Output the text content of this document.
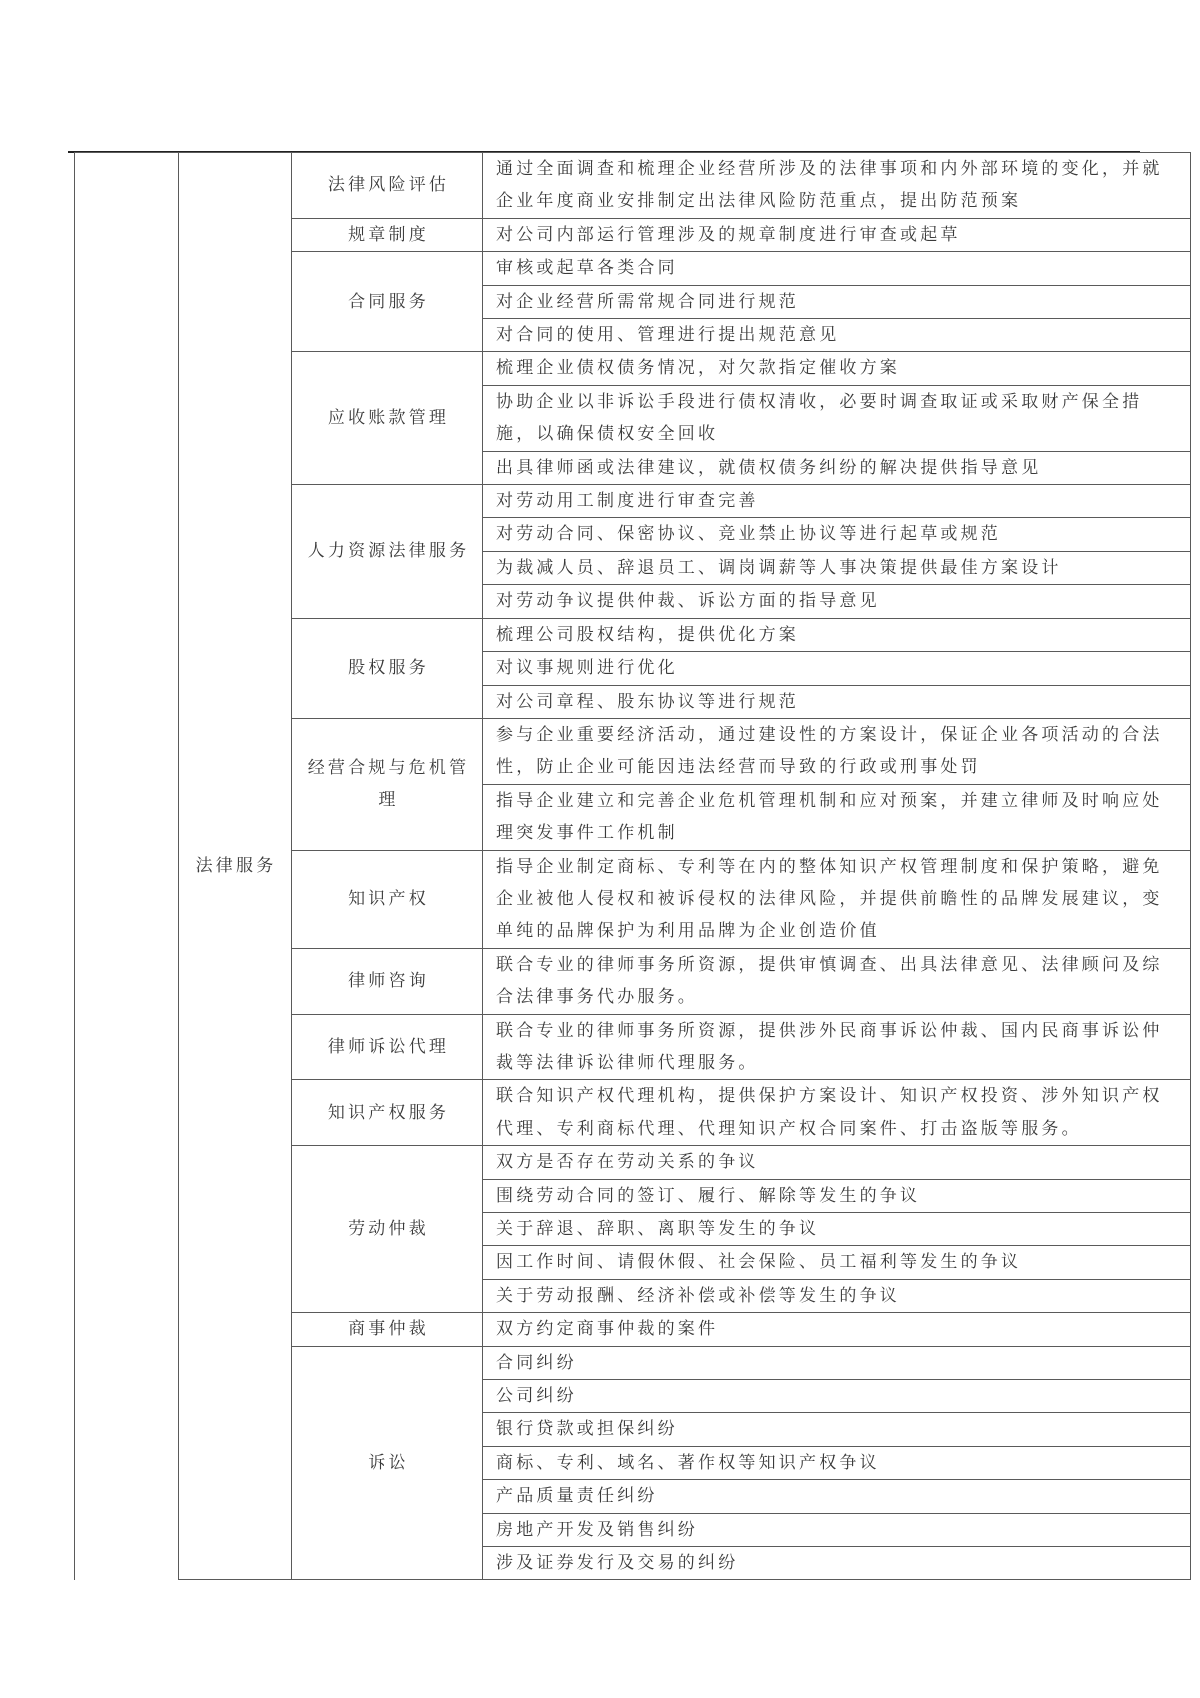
	法律服务	法律风险评估	通过全面调查和梳理企业经营所涉及的法律事项和内外部环境的变化，并就企业年度商业安排制定出法律风险防范重点，提出防范预案
		规章制度	对公司内部运行管理涉及的规章制度进行审查或起草
		合同服务	审核或起草各类合同
			对企业经营所需常规合同进行规范
			对合同的使用、管理进行提出规范意见
		应收账款管理	梳理企业债权债务情况，对欠款指定催收方案
			协助企业以非诉讼手段进行债权清收，必要时调查取证或采取财产保全措施，以确保债权安全回收
			出具律师函或法律建议，就债权债务纠纷的解决提供指导意见
		人力资源法律服务	对劳动用工制度进行审查完善
			对劳动合同、保密协议、竞业禁止协议等进行起草或规范
			为裁减人员、辞退员工、调岗调薪等人事决策提供最佳方案设计
			对劳动争议提供仲裁、诉讼方面的指导意见
		股权服务	梳理公司股权结构，提供优化方案
			对议事规则进行优化
			对公司章程、股东协议等进行规范
		经营合规与危机管理	参与企业重要经济活动，通过建设性的方案设计，保证企业各项活动的合法性，防止企业可能因违法经营而导致的行政或刑事处罚
			指导企业建立和完善企业危机管理机制和应对预案，并建立律师及时响应处理突发事件工作机制
		知识产权	指导企业制定商标、专利等在内的整体知识产权管理制度和保护策略，避免企业被他人侵权和被诉侵权的法律风险，并提供前瞻性的品牌发展建议，变单纯的品牌保护为利用品牌为企业创造价值
		律师咨询	联合专业的律师事务所资源，提供审慎调查、出具法律意见、法律顾问及综合法律事务代办服务。
		律师诉讼代理	联合专业的律师事务所资源，提供涉外民商事诉讼仲裁、国内民商事诉讼仲裁等法律诉讼律师代理服务。
		知识产权服务	联合知识产权代理机构，提供保护方案设计、知识产权投资、涉外知识产权代理、专利商标代理、代理知识产权合同案件、打击盗版等服务。
		劳动仲裁	双方是否存在劳动关系的争议
			围绕劳动合同的签订、履行、解除等发生的争议
			关于辞退、辞职、离职等发生的争议
			因工作时间、请假休假、社会保险、员工福利等发生的争议
			关于劳动报酬、经济补偿或补偿等发生的争议
		商事仲裁	双方约定商事仲裁的案件
		诉讼	合同纠纷
			公司纠纷
			银行贷款或担保纠纷
			商标、专利、域名、著作权等知识产权争议
			产品质量责任纠纷
			房地产开发及销售纠纷
			涉及证券发行及交易的纠纷
